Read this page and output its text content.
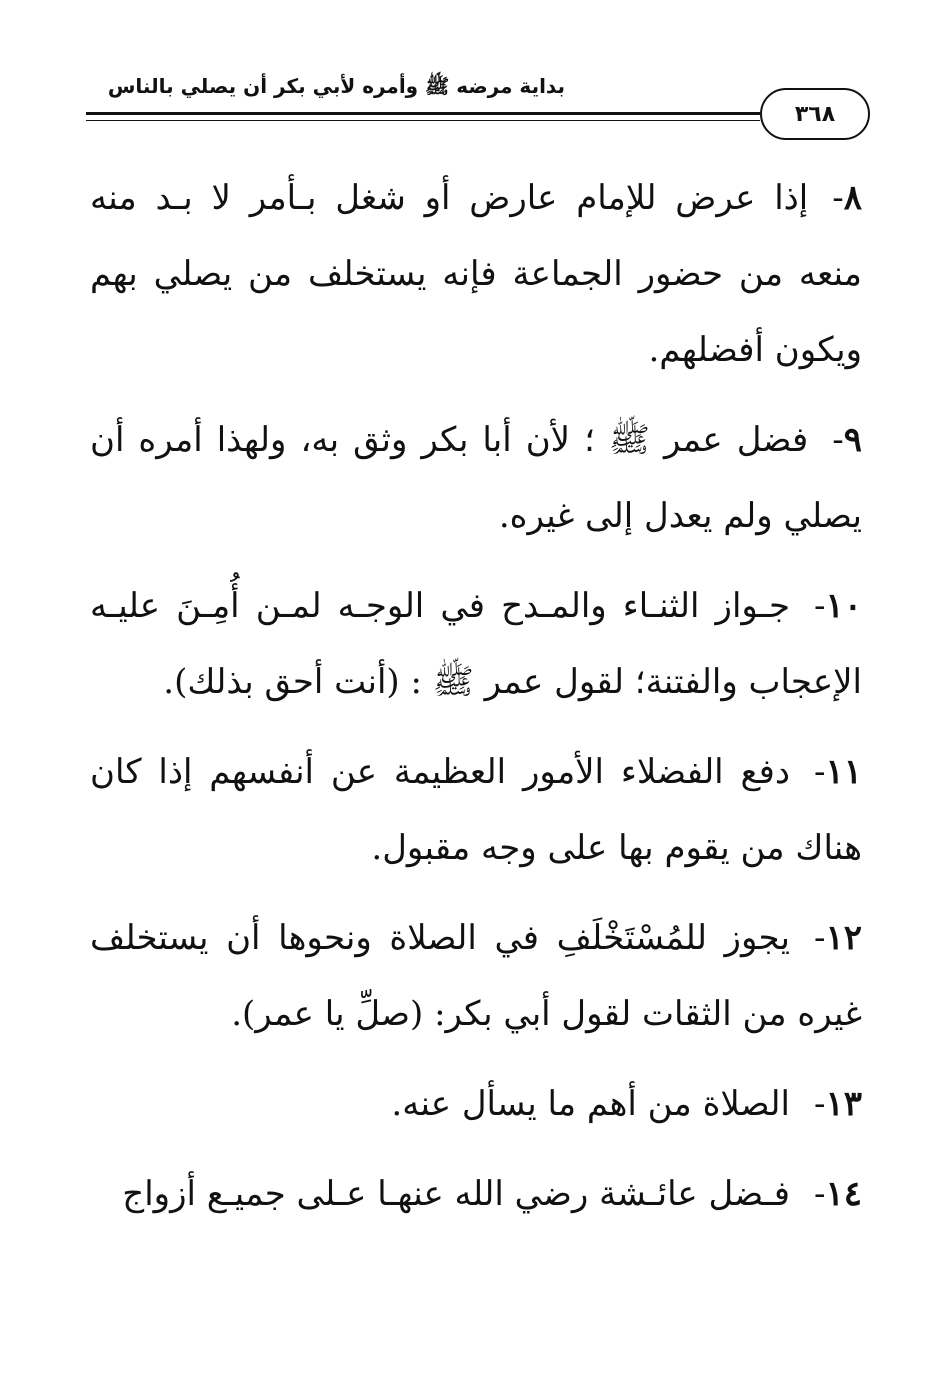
بداية مرضه ﷺ وأمره لأبي بكر أن يصلي بالناس
٣٦٨

٨-إذا عرض للإمام عارض أو شغل بـأمر لا بـد منه منعه من حضور الجماعة فإنه يستخلف من يصلي بهم ويكون أفضلهم.

٩-فضل عمر ﷺ ؛ لأن أبا بكر وثق به، ولهذا أمره أن يصلي ولم يعدل إلى غيره.

١٠-جـواز الثنـاء والمـدح في الوجـه لمـن أُمِـنَ عليـه الإعجاب والفتنة؛ لقول عمر ﷺ : (أنت أحق بذلك).

١١-دفع الفضلاء الأمور العظيمة عن أنفسهم إذا كان هناك من يقوم بها على وجه مقبول.

١٢-يجوز للمُسْتَخْلَفِ في الصلاة ونحوها أن يستخلف غيره من الثقات لقول أبي بكر: (صلِّ يا عمر).

١٣-الصلاة من أهم ما يسأل عنه.

١٤-فـضل عائـشة رضي الله عنهـا عـلى جميـع أزواج
